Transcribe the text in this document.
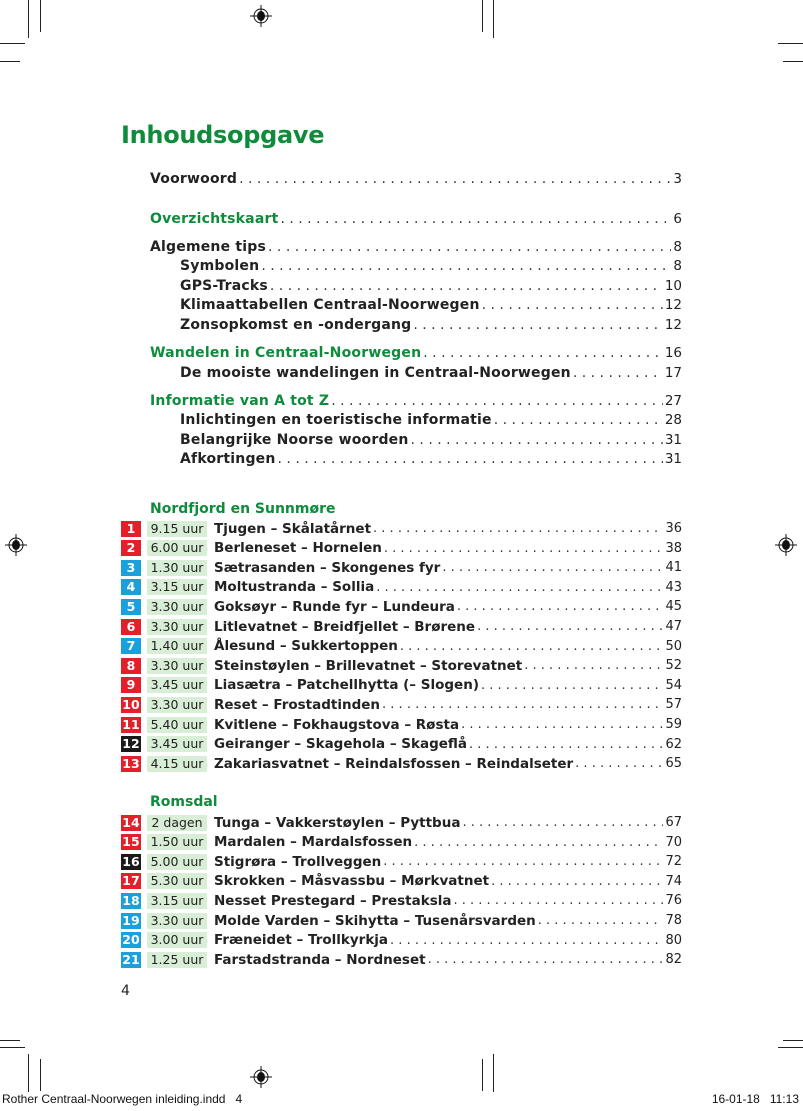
Inhoudsopgave
Voorwoord . . .	3
Overzichtskaart . . .	6
Algemene tips . . .	8
Symbolen . . .	8
GPS-Tracks . . .	10
Klimaattabellen Centraal-Noorwegen . . .	12
Zonsopkomst en -ondergang . . .	12
Wandelen in Centraal-Noorwegen . . .	16
De mooiste wandelingen in Centraal-Noorwegen . . .	17
Informatie van A tot Z . . .	27
Inlichtingen en toeristische informatie . . .	28
Belangrijke Noorse woorden . . .	31
Afkortingen . . .	31
Nordfjord en Sunnmøre
1	9.15 uur Tjugen – Skålatårnet . . .	36
2	6.00 uur Berleneset – Hornelen . . .	38
3	1.30 uur Sætrasanden – Skongenes fyr . . .	41
4	3.15 uur Moltustranda – Sollia . . .	43
5	3.30 uur Goksøyr – Runde fyr – Lundeura . . .	45
6	3.30 uur Litlevatnet – Breidfjellet – Brørene . . .	47
7	1.40 uur Ålesund – Sukkertoppen . . .	50
8	3.30 uur Steinstøylen – Brillevatnet – Storevatnet . . .	52
9	3.45 uur Liasætra – Patchellhytta (– Slogen) . . .	54
10 3.30 uur Reset – Frostadtinden . . .	57
11 5.40 uur Kvitlene – Fokhaugstova – Røsta . . .	59
12 3.45 uur Geiranger – Skagehola – Skageflå . . .	62
13 4.15 uur Zakariasvatnet – Reindalsfossen – Reindalseter . . .	65
Romsdal
14 2 dagen Tunga – Vakkerstøylen – Pyttbua . . .	67
15 1.50 uur Mardalen – Mardalsfossen . . .	70
16 5.00 uur Stigrøra – Trollveggen . . .	72
17 5.30 uur Skrokken – Måsvassbu – Mørkvatnet . . .	74
18 3.15 uur Nesset Prestegard – Prestaksla . . .	76
19 3.30 uur Molde Varden – Skihytta – Tusenårsvarden . . .	78
20 3.00 uur Fræneidet – Trollkyrkja . . .	80
21 1.25 uur Farstadstranda – Nordneset . . .	82
4
Rother Centraal-Noorwegen inleiding.indd   4	16-01-18   11:13
